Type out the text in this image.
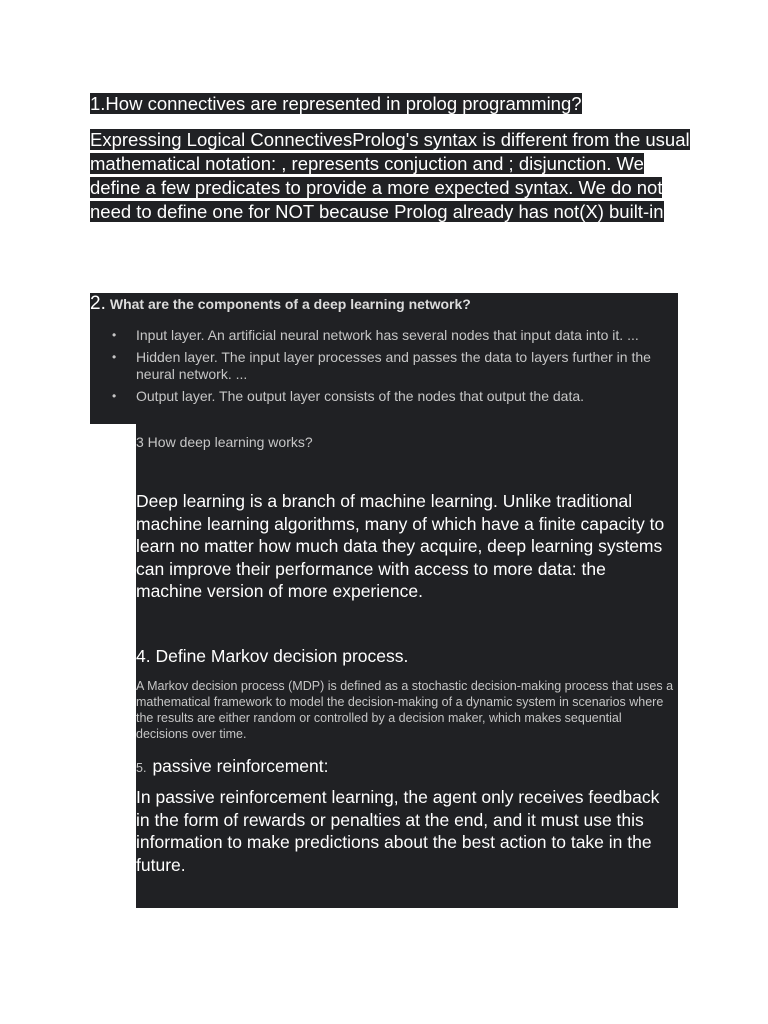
1.How connectives are represented in prolog programming?

Expressing Logical ConnectivesProlog's syntax is different from the usual mathematical notation: , represents conjuction and ; disjunction. We define a few predicates to provide a more expected syntax. We do not need to define one for NOT because Prolog already has not(X) built-in

2. What are the components of a deep learning network?
• Input layer. An artificial neural network has several nodes that input data into it. ...
• Hidden layer. The input layer processes and passes the data to layers further in the neural network. ...
• Output layer. The output layer consists of the nodes that output the data.
3 How deep learning works?

Deep learning is a branch of machine learning. Unlike traditional machine learning algorithms, many of which have a finite capacity to learn no matter how much data they acquire, deep learning systems can improve their performance with access to more data: the machine version of more experience.

4. Define Markov decision process.

A Markov decision process (MDP) is defined as a stochastic decision-making process that uses a mathematical framework to model the decision-making of a dynamic system in scenarios where the results are either random or controlled by a decision maker, which makes sequential decisions over time.

5. passive reinforcement:

In passive reinforcement learning, the agent only receives feedback in the form of rewards or penalties at the end, and it must use this information to make predictions about the best action to take in the future.
